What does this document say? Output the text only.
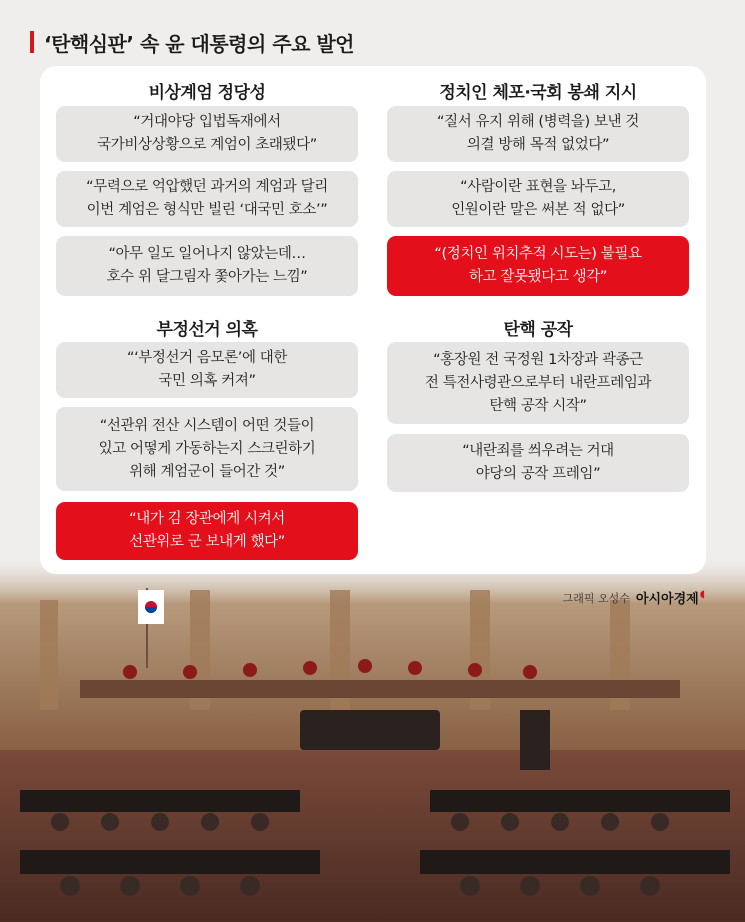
‘탄핵심판’ 속 윤 대통령의 주요 발언
비상계엄 정당성
“거대야당 입법독재에서
국가비상상황으로 계엄이 초래됐다”
“무력으로 억압했던 과거의 계엄과 달리
이번 계엄은 형식만 빌린 ‘대국민 호소’”
“아무 일도 일어나지 않았는데…
호수 위 달그림자 쫓아가는 느낌”
부정선거 의혹
“‘부정선거 음모론’에 대한
국민 의혹 커져”
“선관위 전산 시스템이 어떤 것들이
있고 어떻게 가동하는지 스크린하기
위해 계엄군이 들어간 것”
“내가 김 장관에게 시켜서
선관위로 군 보내게 했다”
정치인 체포·국회 봉쇄 지시
“질서 유지 위해 (병력을) 보낸 것
의결 방해 목적 없었다”
“사람이란 표현을 놔두고,
인원이란 말은 써본 적 없다”
“(정치인 위치추적 시도는) 불필요
하고 잘못됐다고 생각”
탄핵 공작
“홍장원 전 국정원 1차장과 곽종근
전 특전사령관으로부터 내란프레임과
탄핵 공작 시작”
“내란죄를 씌우려는 거대
야당의 공작 프레임”
그래픽 오성수 아시아경제 ◖
